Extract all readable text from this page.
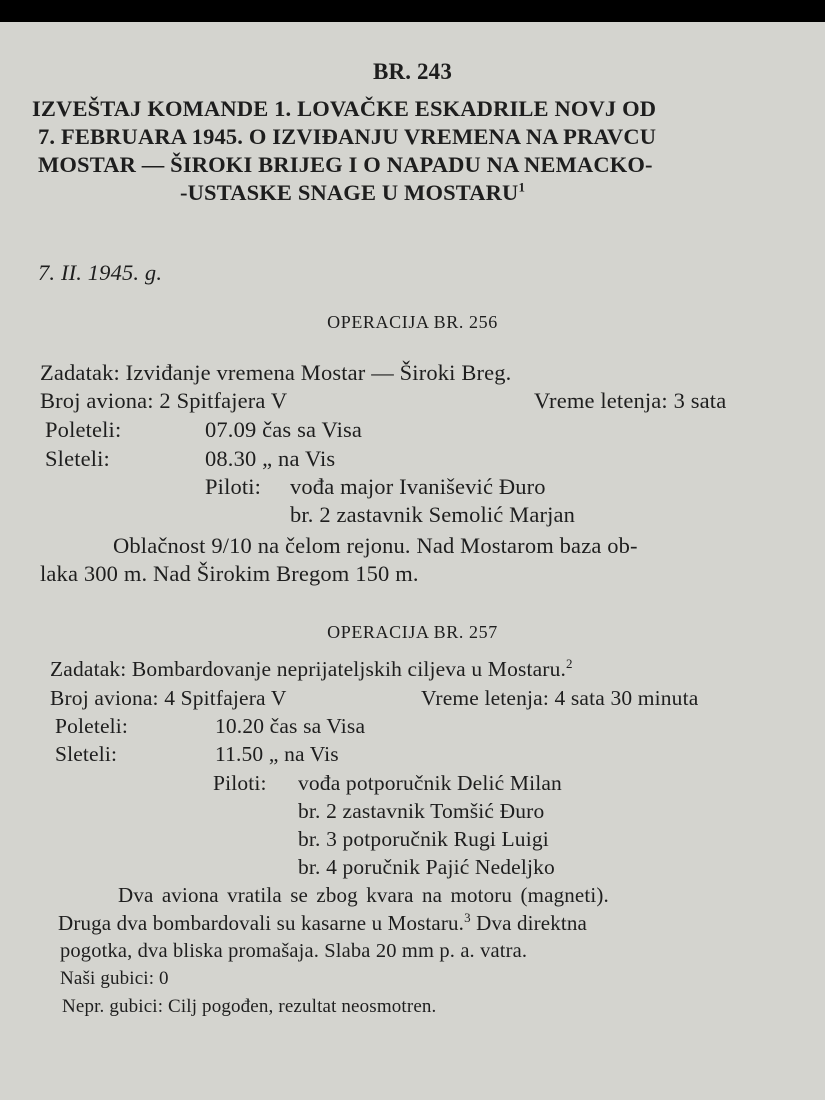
BR. 243
IZVEŠTAJ KOMANDE 1. LOVAČKE ESKADRILE NOVJ OD
7. FEBRUARA 1945. O IZVIĐANJU VREMENA NA PRAVCU
MOSTAR — ŠIROKI BRIJEG I O NAPADU NA NEMACKO-
-USTASKE SNAGE U MOSTARU$^1$
7. II. 1945. g.
OPERACIJA BR. 256
Zadatak: Izviđanje vremena Mostar — Široki Breg.
Broj aviona: 2 Spitfajera V	Vreme letenja: 3 sata
Poleteli:	07.09 čas sa Visa
Sleteli:	08.30 „ na Vis
Piloti: vođa major Ivanišević Đuro
br. 2 zastavnik Semolić Marjan
Oblačnost 9/10 na čelom rejonu. Nad Mostarom baza ob-
laka 300 m. Nad Širokim Bregom 150 m.
OPERACIJA BR. 257
Zadatak: Bombardovanje neprijateljskih ciljeva u Mostaru.$^2$
Broj aviona: 4 Spitfajera V	Vreme letenja: 4 sata 30 minuta
Poleteli:	10.20 čas sa Visa
Sleteli:	11.50 „ na Vis
Piloti: vođa potporučnik Delić Milan
br. 2 zastavnik Tomšić Đuro
br. 3 potporučnik Rugi Luigi
br. 4 poručnik Pajić Nedeljko
Dva aviona vratila se zbog kvara na motoru (magneti).
Druga dva bombardovali su kasarne u Mostaru.$^3$ Dva direktna
pogotka, dva bliska promašaja. Slaba 20 mm p. a. vatra.
Naši gubici: 0
Nepr. gubici: Cilj pogođen, rezultat neosmotren.
